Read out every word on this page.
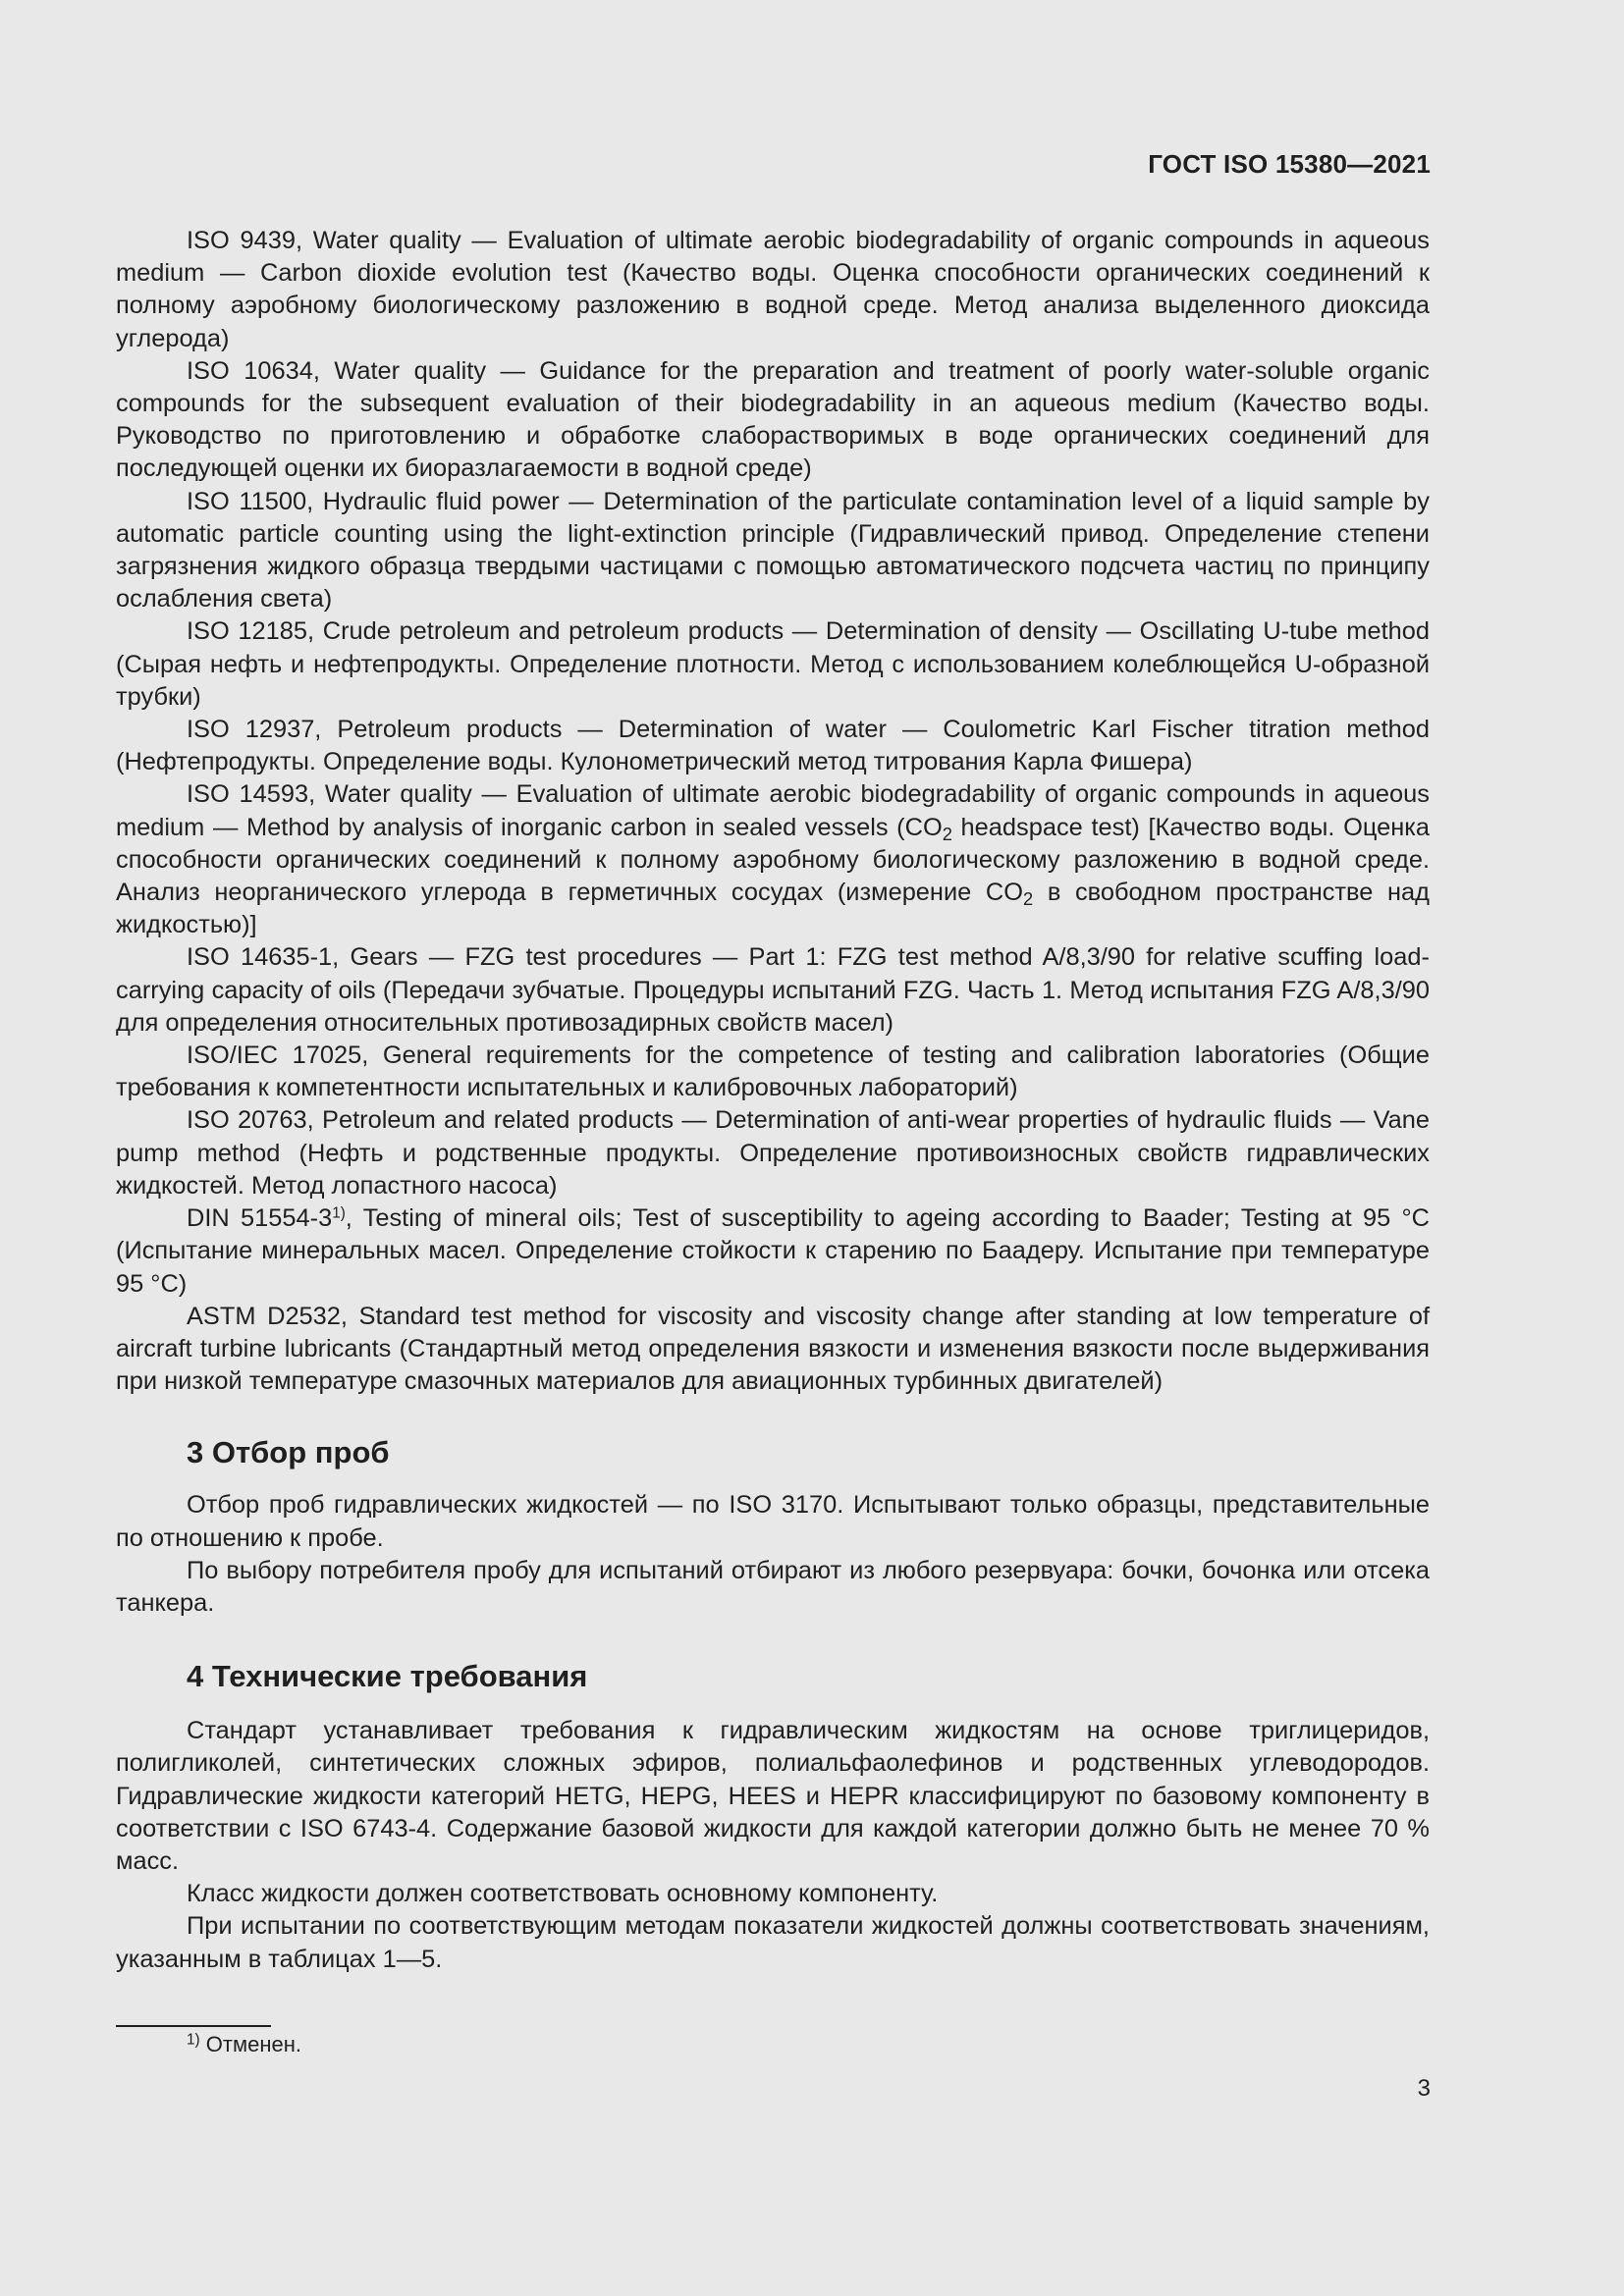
ГОСТ ISO 15380—2021

ISO 9439, Water quality — Evaluation of ultimate aerobic biodegradability of organic compounds in aqueous medium — Carbon dioxide evolution test (Качество воды. Оценка способности органических соединений к полному аэробному биологическому разложению в водной среде. Метод анализа выделенного диоксида углерода)

ISO 10634, Water quality — Guidance for the preparation and treatment of poorly water-soluble organic compounds for the subsequent evaluation of their biodegradability in an aqueous medium (Качество воды. Руководство по приготовлению и обработке слаборастворимых в воде органических соединений для последующей оценки их биоразлагаемости в водной среде)

ISO 11500, Hydraulic fluid power — Determination of the particulate contamination level of a liquid sample by automatic particle counting using the light-extinction principle (Гидравлический привод. Определение степени загрязнения жидкого образца твердыми частицами с помощью автоматического подсчета частиц по принципу ослабления света)

ISO 12185, Crude petroleum and petroleum products — Determination of density — Oscillating U-tube method (Сырая нефть и нефтепродукты. Определение плотности. Метод с использованием колеблющейся U-образной трубки)

ISO 12937, Petroleum products — Determination of water — Coulometric Karl Fischer titration method (Нефтепродукты. Определение воды. Кулонометрический метод титрования Карла Фишера)

ISO 14593, Water quality — Evaluation of ultimate aerobic biodegradability of organic compounds in aqueous medium — Method by analysis of inorganic carbon in sealed vessels ($CO_2$ headspace test) [Качество воды. Оценка способности органических соединений к полному аэробному биологическому разложению в водной среде. Анализ неорганического углерода в герметичных сосудах (измерение $CO_2$ в свободном пространстве над жидкостью)]

ISO 14635-1, Gears — FZG test procedures — Part 1: FZG test method A/8,3/90 for relative scuffing load-carrying capacity of oils (Передачи зубчатые. Процедуры испытаний FZG. Часть 1. Метод испытания FZG A/8,3/90 для определения относительных противозадирных свойств масел)

ISO/IEC 17025, General requirements for the competence of testing and calibration laboratories (Общие требования к компетентности испытательных и калибровочных лабораторий)

ISO 20763, Petroleum and related products — Determination of anti-wear properties of hydraulic fluids — Vane pump method (Нефть и родственные продукты. Определение противоизносных свойств гидравлических жидкостей. Метод лопастного насоса)

DIN 51554-3$^{1)}$, Testing of mineral oils; Test of susceptibility to ageing according to Baader; Testing at 95 °C (Испытание минеральных масел. Определение стойкости к старению по Баадеру. Испытание при температуре 95 °C)

ASTM D2532, Standard test method for viscosity and viscosity change after standing at low temperature of aircraft turbine lubricants (Стандартный метод определения вязкости и изменения вязкости после выдерживания при низкой температуре смазочных материалов для авиационных турбинных двигателей)

3 Отбор проб

Отбор проб гидравлических жидкостей — по ISO 3170. Испытывают только образцы, представительные по отношению к пробе.

По выбору потребителя пробу для испытаний отбирают из любого резервуара: бочки, бочонка или отсека танкера.

4 Технические требования

Стандарт устанавливает требования к гидравлическим жидкостям на основе триглицеридов, полигликолей, синтетических сложных эфиров, полиальфаолефинов и родственных углеводородов. Гидравлические жидкости категорий HETG, HEPG, HEES и HEPR классифицируют по базовому компоненту в соответствии с ISO 6743-4. Содержание базовой жидкости для каждой категории должно быть не менее 70 % масс.

Класс жидкости должен соответствовать основному компоненту.

При испытании по соответствующим методам показатели жидкостей должны соответствовать значениям, указанным в таблицах 1—5.

$^{1)}$ Отменен.
3
